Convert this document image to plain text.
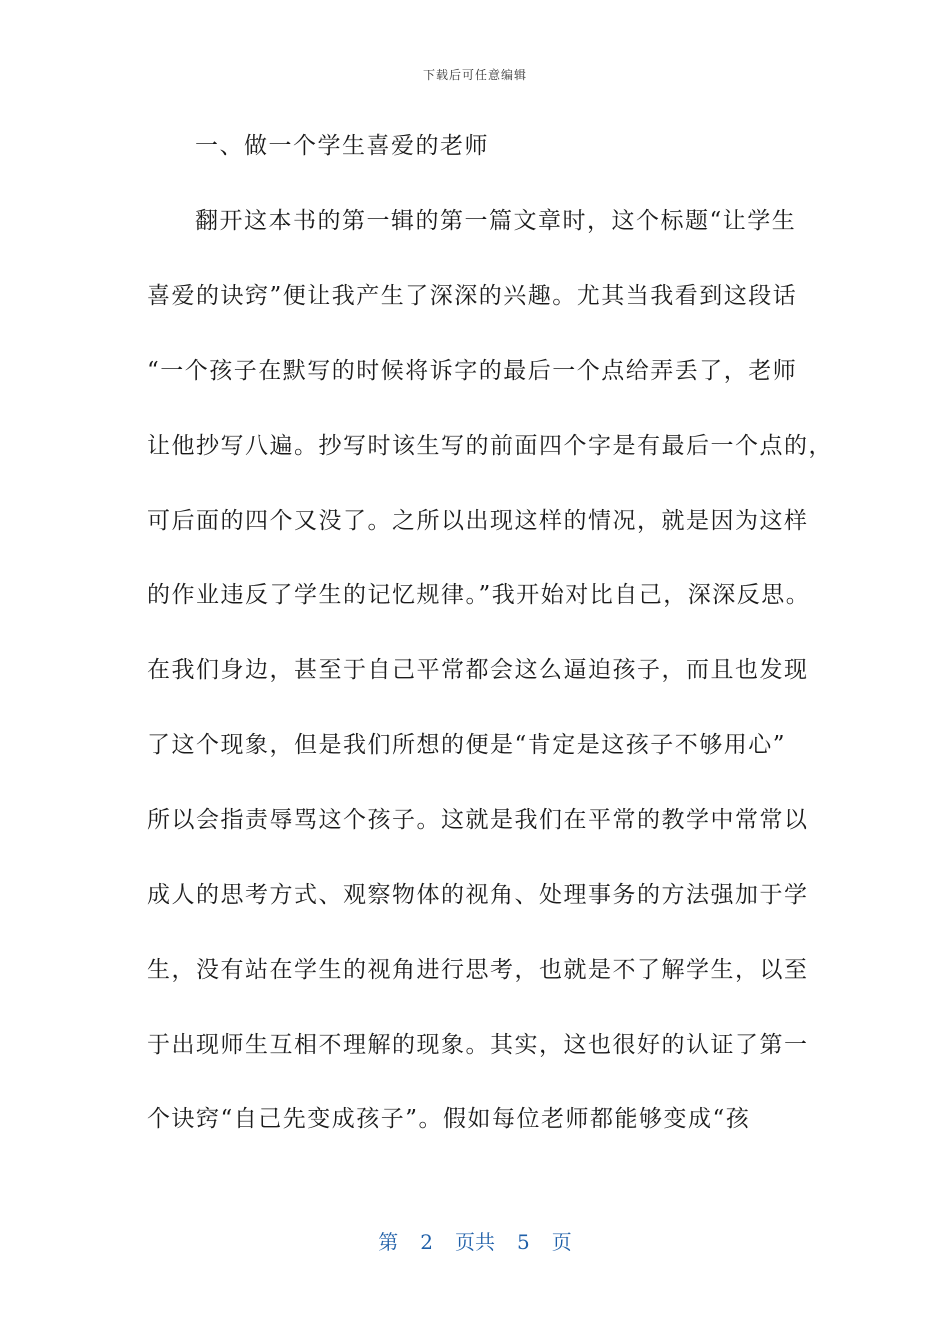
下载后可任意编辑
一、做一个学生喜爱的老师
翻开这本书的第一辑的第一篇文章时，这个标题“让学生
喜爱的诀窍”便让我产生了深深的兴趣。尤其当我看到这段话
“一个孩子在默写的时候将诉字的最后一个点给弄丢了，老师
让他抄写八遍。抄写时该生写的前面四个字是有最后一个点的，
可后面的四个又没了。之所以出现这样的情况，就是因为这样
的作业违反了学生的记忆规律。”我开始对比自己，深深反思。
在我们身边，甚至于自己平常都会这么逼迫孩子，而且也发现
了这个现象，但是我们所想的便是“肯定是这孩子不够用心”
所以会指责辱骂这个孩子。这就是我们在平常的教学中常常以
成人的思考方式、观察物体的视角、处理事务的方法强加于学
生，没有站在学生的视角进行思考，也就是不了解学生，以至
于出现师生互相不理解的现象。其实，这也很好的认证了第一
个诀窍“自己先变成孩子”。假如每位老师都能够变成“孩
第 2 页共 5 页
